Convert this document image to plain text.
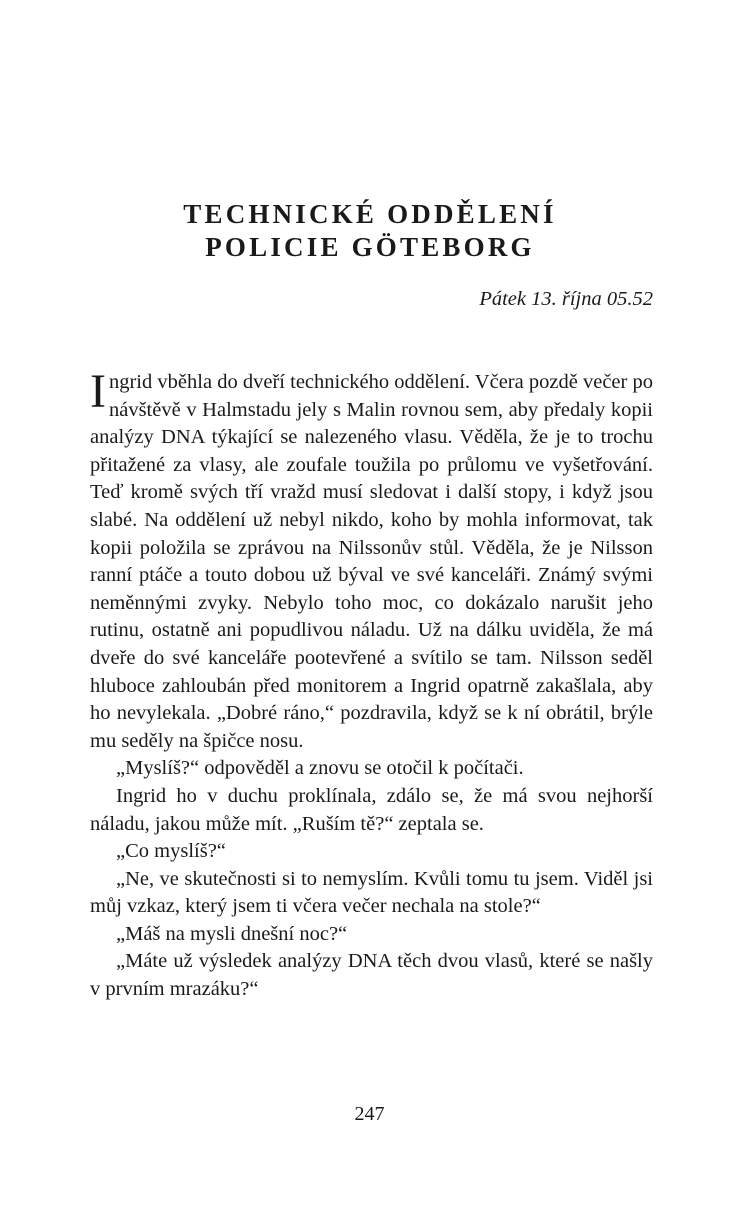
TECHNICKÉ ODDĚLENÍ
POLICIE GÖTEBORG
Pátek 13. října 05.52

Ingrid vběhla do dveří technického oddělení. Včera pozdě večer po návštěvě v Halmstadu jely s Malin rovnou sem, aby předaly kopii analýzy DNA týkající se nalezeného vlasu. Věděla, že je to trochu přitažené za vlasy, ale zoufale toužila po průlomu ve vyšetřování. Teď kromě svých tří vražd musí sledovat i další stopy, i když jsou slabé. Na oddělení už nebyl nikdo, koho by mohla informovat, tak kopii položila se zprávou na Nilssonův stůl. Věděla, že je Nilsson ranní ptáče a touto dobou už býval ve své kanceláři. Známý svými neměnnými zvyky. Nebylo toho moc, co dokázalo narušit jeho rutinu, ostatně ani popudlivou náladu. Už na dálku uviděla, že má dveře do své kanceláře pootevřené a svítilo se tam. Nilsson seděl hluboce zahloubán před monitorem a Ingrid opatrně zakašlala, aby ho nevylekala. „Dobré ráno,“ pozdravila, když se k ní obrátil, brýle mu seděly na špičce nosu.

„Myslíš?“ odpověděl a znovu se otočil k počítači.

Ingrid ho v duchu proklínala, zdálo se, že má svou nejhorší náladu, jakou může mít. „Ruším tě?“ zeptala se.

„Co myslíš?“

„Ne, ve skutečnosti si to nemyslím. Kvůli tomu tu jsem. Viděl jsi můj vzkaz, který jsem ti včera večer nechala na stole?“

„Máš na mysli dnešní noc?“

„Máte už výsledek analýzy DNA těch dvou vlasů, které se našly v prvním mrazáku?“

247
